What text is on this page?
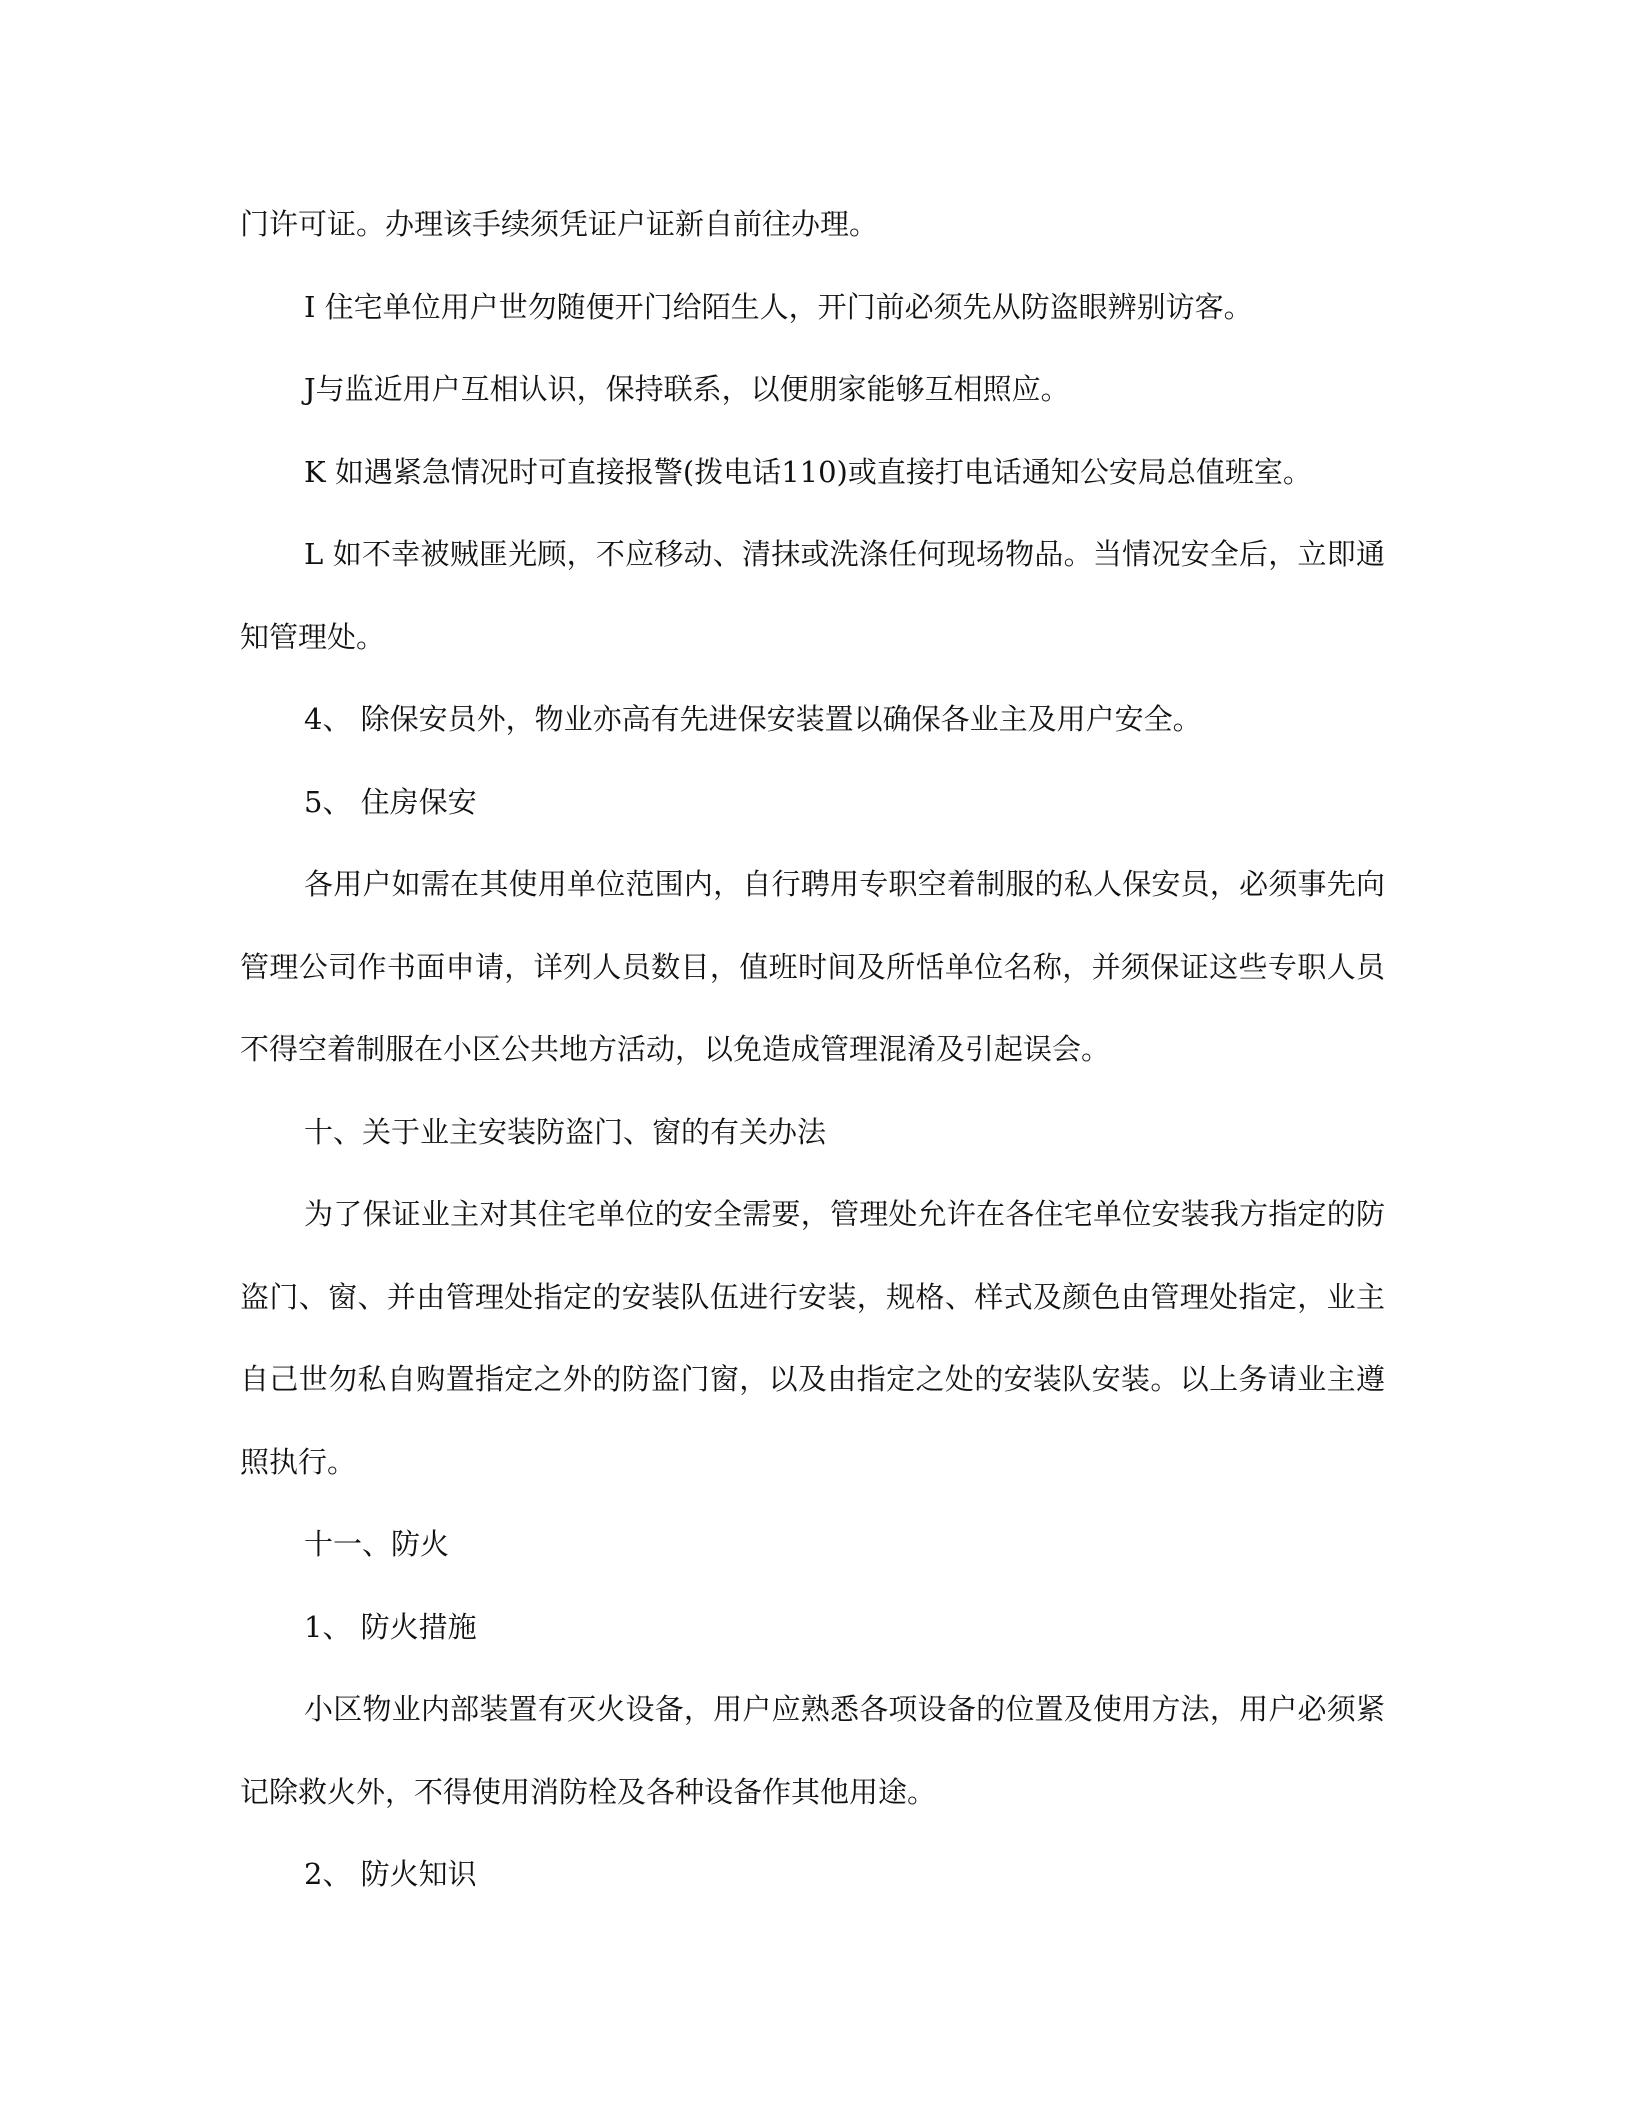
门许可证。办理该手续须凭证户证新自前往办理。

I 住宅单位用户世勿随便开门给陌生人，开门前必须先从防盗眼辨别访客。

J与监近用户互相认识，保持联系，以便朋家能够互相照应。

K 如遇紧急情况时可直接报警(拨电话110)或直接打电话通知公安局总值班室。

L 如不幸被贼匪光顾，不应移动、清抹或洗涤任何现场物品。当情况安全后，立即通知管理处。

4、 除保安员外，物业亦高有先进保安装置以确保各业主及用户安全。

5、 住房保安

各用户如需在其使用单位范围内，自行聘用专职空着制服的私人保安员，必须事先向管理公司作书面申请，详列人员数目，值班时间及所恬单位名称，并须保证这些专职人员不得空着制服在小区公共地方活动，以免造成管理混淆及引起误会。

十、关于业主安装防盗门、窗的有关办法

为了保证业主对其住宅单位的安全需要，管理处允许在各住宅单位安装我方指定的防盗门、窗、并由管理处指定的安装队伍进行安装，规格、样式及颜色由管理处指定，业主自己世勿私自购置指定之外的防盗门窗，以及由指定之处的安装队安装。以上务请业主遵照执行。

十一、防火

1、 防火措施

小区物业内部装置有灭火设备，用户应熟悉各项设备的位置及使用方法，用户必须紧记除救火外，不得使用消防栓及各种设备作其他用途。

2、 防火知识
